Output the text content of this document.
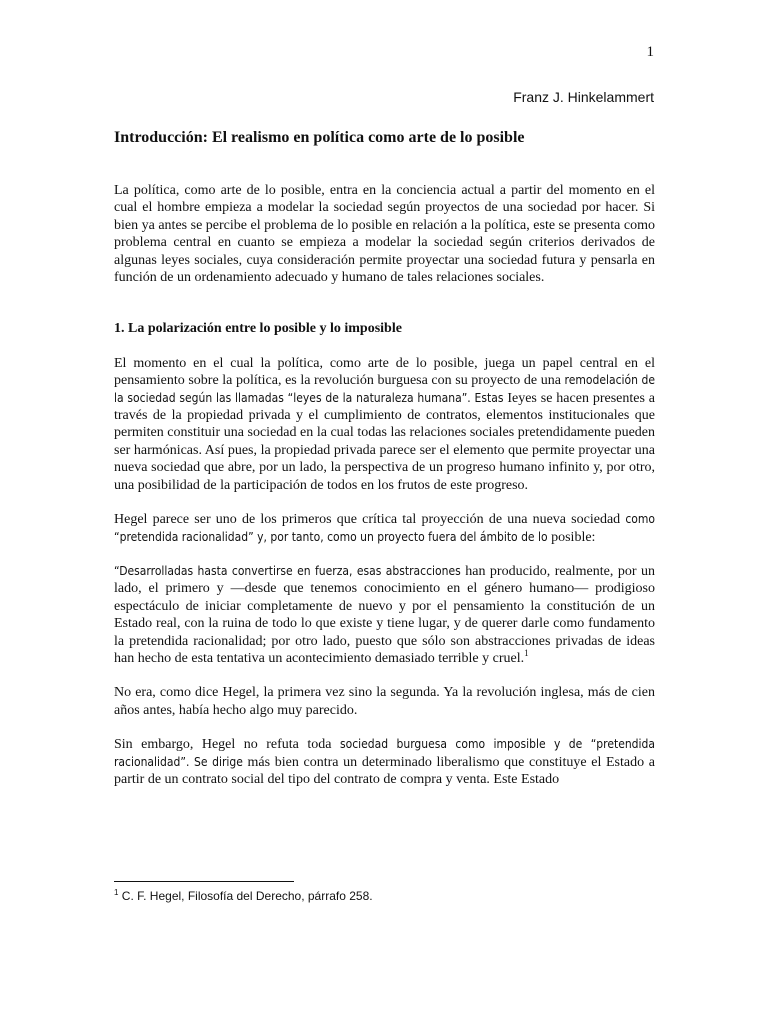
1
Franz J. Hinkelammert
Introducción: El realismo en política como arte de lo posible

La política, como arte de lo posible, entra en la conciencia actual a partir del momento en el cual el hombre empieza a modelar la sociedad según proyectos de una sociedad por hacer. Si bien ya antes se percibe el problema de lo posible en relación a la política, este se presenta como problema central en cuanto se empieza a modelar la sociedad según criterios derivados de algunas leyes sociales, cuya consideración permite proyectar una sociedad futura y pensarla en función de un ordenamiento adecuado y humano de tales relaciones sociales.

1. La polarización entre lo posible y lo imposible

El momento en el cual la política, como arte de lo posible, juega un papel central en el pensamiento sobre la política, es la revolución burguesa con su proyecto de una remodelación de la sociedad según las llamadas “leyes de la naturaleza humana”. Estas Ieyes se hacen presentes a través de la propiedad privada y el cumplimiento de contratos, elementos institucionales que permiten constituir una sociedad en la cual todas las relaciones sociales pretendidamente pueden ser harmónicas. Así pues, la propiedad privada parece ser el elemento que permite proyectar una nueva sociedad que abre, por un lado, la perspectiva de un progreso humano infinito y, por otro, una posibilidad de la participación de todos en los frutos de este progreso.

Hegel parece ser uno de los primeros que crítica tal proyección de una nueva sociedad como “pretendida racionalidad” y, por tanto, como un proyecto fuera del ámbito de lo posible:

“Desarrolladas hasta convertirse en fuerza, esas abstracciones han producido, realmente, por un lado, el primero y —desde que tenemos conocimiento en el género humano— prodigioso espectáculo de iniciar completamente de nuevo y por el pensamiento la constitución de un Estado real, con la ruina de todo lo que existe y tiene lugar, y de querer darle como fundamento la pretendida racionalidad; por otro lado, puesto que sólo son abstracciones privadas de ideas han hecho de esta tentativa un acontecimiento demasiado terrible y cruel.$^1$

No era, como dice Hegel, la primera vez sino la segunda. Ya la revolución inglesa, más de cien años antes, había hecho algo muy parecido.

Sin embargo, Hegel no refuta toda sociedad burguesa como imposible y de “pretendida racionalidad”. Se dirige más bien contra un determinado liberalismo que constituye el Estado a partir de un contrato social del tipo del contrato de compra y venta. Este Estado

$^1$ C. F. Hegel, Filosofía del Derecho, párrafo 258.
